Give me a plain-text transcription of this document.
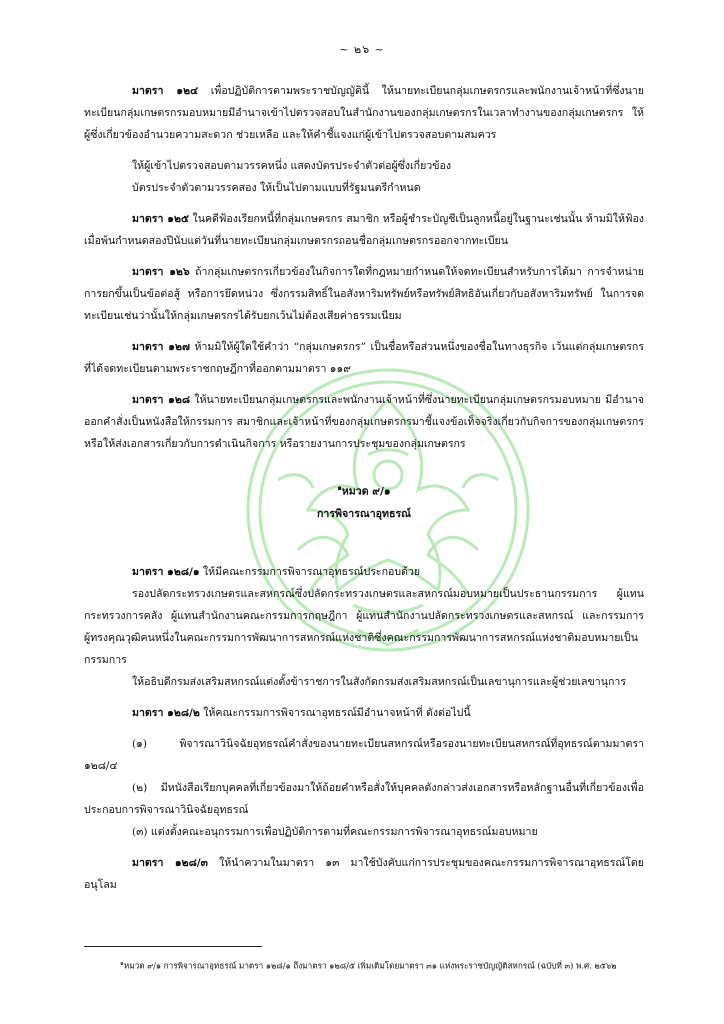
~ ๒๖ ~

มาตรา ๑๒๔ เพื่อปฏิบัติการตามพระราชบัญญัตินี้ ให้นายทะเบียนกลุ่มเกษตรกรและพนักงานเจ้าหน้าที่ซึ่งนายทะเบียนกลุ่มเกษตรกรมอบหมายมีอำนาจเข้าไปตรวจสอบในสำนักงานของกลุ่มเกษตรกรในเวลาทำงานของกลุ่มเกษตรกร ให้ผู้ซึ่งเกี่ยวข้องอำนวยความสะดวก ช่วยเหลือ และให้คำชี้แจงแก่ผู้เข้าไปตรวจสอบตามสมควร

ให้ผู้เข้าไปตรวจสอบตามวรรคหนึ่ง แสดงบัตรประจำตัวต่อผู้ซึ่งเกี่ยวข้อง

บัตรประจำตัวตามวรรคสอง ให้เป็นไปตามแบบที่รัฐมนตรีกำหนด

มาตรา ๑๒๕ ในคดีฟ้องเรียกหนี้ที่กลุ่มเกษตรกร สมาชิก หรือผู้ชำระบัญชีเป็นลูกหนี้อยู่ในฐานะเช่นนั้น ห้ามมิให้ฟ้องเมื่อพ้นกำหนดสองปีนับแต่วันที่นายทะเบียนกลุ่มเกษตรกรถอนชื่อกลุ่มเกษตรกรออกจากทะเบียน

มาตรา ๑๒๖ ถ้ากลุ่มเกษตรกรเกี่ยวข้องในกิจการใดที่กฎหมายกำหนดให้จดทะเบียนสำหรับการได้มา การจำหน่าย การยกขึ้นเป็นข้อต่อสู้ หรือการยึดหน่วง ซึ่งกรรมสิทธิ์ในอสังหาริมทรัพย์หรือทรัพย์สิทธิอันเกี่ยวกับอสังหาริมทรัพย์ ในการจดทะเบียนเช่นว่านั้นให้กลุ่มเกษตรกรได้รับยกเว้นไม่ต้องเสียค่าธรรมเนียม

มาตรา ๑๒๗ ห้ามมิให้ผู้ใดใช้คำว่า “กลุ่มเกษตรกร” เป็นชื่อหรือส่วนหนึ่งของชื่อในทางธุรกิจ เว้นแต่กลุ่มเกษตรกรที่ได้จดทะเบียนตามพระราชกฤษฎีกาที่ออกตามมาตรา ๑๑๙

มาตรา ๑๒๘ ให้นายทะเบียนกลุ่มเกษตรกรและพนักงานเจ้าหน้าที่ซึ่งนายทะเบียนกลุ่มเกษตรกรมอบหมาย มีอำนาจออกคำสั่งเป็นหนังสือให้กรรมการ สมาชิกและเจ้าหน้าที่ของกลุ่มเกษตรกรมาชี้แจงข้อเท็จจริงเกี่ยวกับกิจการของกลุ่มเกษตรกรหรือให้ส่งเอกสารเกี่ยวกับการดำเนินกิจการ หรือรายงานการประชุมของกลุ่มเกษตรกร

$^๑$หมวด ๙/๑
การพิจารณาอุทธรณ์

มาตรา ๑๒๘/๑ ให้มีคณะกรรมการพิจารณาอุทธรณ์ประกอบด้วย

รองปลัดกระทรวงเกษตรและสหกรณ์ซึ่งปลัดกระทรวงเกษตรและสหกรณ์มอบหมายเป็นประธานกรรมการ ผู้แทนกระทรวงการคลัง ผู้แทนสำนักงานคณะกรรมการกฤษฎีกา ผู้แทนสำนักงานปลัดกระทรวงเกษตรและสหกรณ์ และกรรมการผู้ทรงคุณวุฒิคนหนึ่งในคณะกรรมการพัฒนาการสหกรณ์แห่งชาติซึ่งคณะกรรมการพัฒนาการสหกรณ์แห่งชาติมอบหมายเป็นกรรมการ

ให้อธิบดีกรมส่งเสริมสหกรณ์แต่งตั้งข้าราชการในสังกัดกรมส่งเสริมสหกรณ์เป็นเลขานุการและผู้ช่วยเลขานุการ

มาตรา ๑๒๘/๒ ให้คณะกรรมการพิจารณาอุทธรณ์มีอำนาจหน้าที่ ดังต่อไปนี้

(๑) พิจารณาวินิจฉัยอุทธรณ์คำสั่งของนายทะเบียนสหกรณ์หรือรองนายทะเบียนสหกรณ์ที่อุทธรณ์ตามมาตรา ๑๒๘/๔

(๒) มีหนังสือเรียกบุคคลที่เกี่ยวข้องมาให้ถ้อยคำหรือสั่งให้บุคคลดังกล่าวส่งเอกสารหรือหลักฐานอื่นที่เกี่ยวข้องเพื่อประกอบการพิจารณาวินิจฉัยอุทธรณ์

(๓) แต่งตั้งคณะอนุกรรมการเพื่อปฏิบัติการตามที่คณะกรรมการพิจารณาอุทธรณ์มอบหมาย

มาตรา ๑๒๘/๓ ให้นำความในมาตรา ๑๓ มาใช้บังคับแก่การประชุมของคณะกรรมการพิจารณาอุทธรณ์โดยอนุโลม

$^๑$หมวด ๙/๑ การพิจารณาอุทธรณ์ มาตรา ๑๒๘/๑ ถึงมาตรา ๑๒๘/๕ เพิ่มเติมโดยมาตรา ๓๑ แห่งพระราชบัญญัติสหกรณ์ (ฉบับที่ ๓) พ.ศ. ๒๕๖๒
